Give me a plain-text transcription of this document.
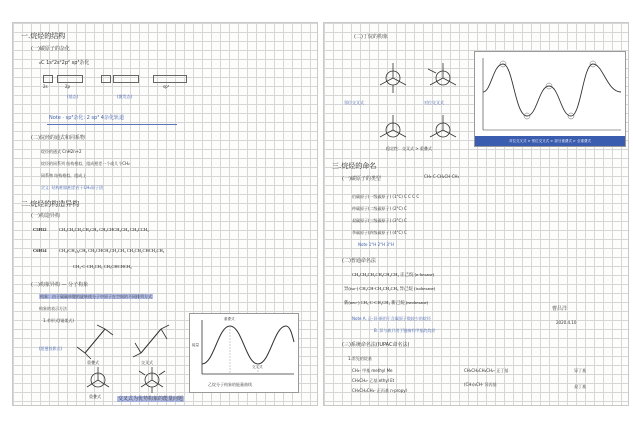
一.烷烃的结构
(一)碳原子的杂化
₆C 1s²2s²2p² sp³杂化
2s	2p	sp³
(基态)	(激发态)
Note · sp³杂化: 2 sp³ 4杂化轨道
(二)烷烃的通式和同系物
烷烃的通式 CnH2n+2
烷烃的同系列 结构相似，组成相差一个或几个CH₂
同系物 结构相似，组成上
定义: 结构相似相差若干CH₂原子团
二.烷烃的构造异构
(一)构造异构
C5H12	CH₃CH₂CH₂CH₂CH₃ CH₃CHCH₂CH₃ CH₃CCH₃
C6H14	CH₃(CH₂)₄CH₃ CH₃CHCH₂CH₂CH₃ CH₃CH₂CHCH₂CH₃
CH₃-C-CH₂CH₃ CH₃CHCHCH₃
(二)构象异构 — 分子构象
构象：由于碳碳单键的旋转使分子中原子在空间的不同排列方式
构象的表示方法
1.伞形式(锯架式)
重叠式	交叉式
(纽曼投影式)
重叠式
能量
重叠式
交叉式
乙烷分子构象的能量曲线
交叉式为优势构象的能量问题
(二)丁烷的构象
邻位交叉式	对位交叉式
稳定性：交叉式 > 重叠式
对位交叉式 > 邻位交叉式 > 部分重叠式 > 全重叠式
三.烷烃的命名
(一)碳原子的类型	CH₃-C-CH₂CH-CH₃
伯碳原子(一级碳原子) (1°C) C C C C
仲碳原子(二级碳原子) (2°C) C
叔碳原子(三级碳原子) (3°C) C
季碳原子(四级碳原子) (4°C) C
Note 1°H 2°H 3°H
(二)普通命名法
CH₃CH₂CH₂CH₂CH₂CH₃ 正己烷 (n-hexane)
异(iso-) CH₃CH-CH₂CH₂CH₃ 异己烷 (isohexane)
新(neo-) CH₃-C-CH₂CH₃ 新己烷 (neohexane)
Note A. 正-异-新用于含碳原子数较少的烷烃
B. 异与新只用于链端有甲基的烷烃
曹吕洋
2020.4.10
(三)系统命名法(IUPAC命名法)
1.常见的烷基
CH₃- 甲基 methyl Me
CH₃CH₂- 乙基 ethyl Et
CH₃CH₂CH₂- 正丙基 n-propyl
CH₃CH₂CH₂CH₂- 正丁基
(CH₃)₂CH- 异丙基
异丁基
叔丁基
